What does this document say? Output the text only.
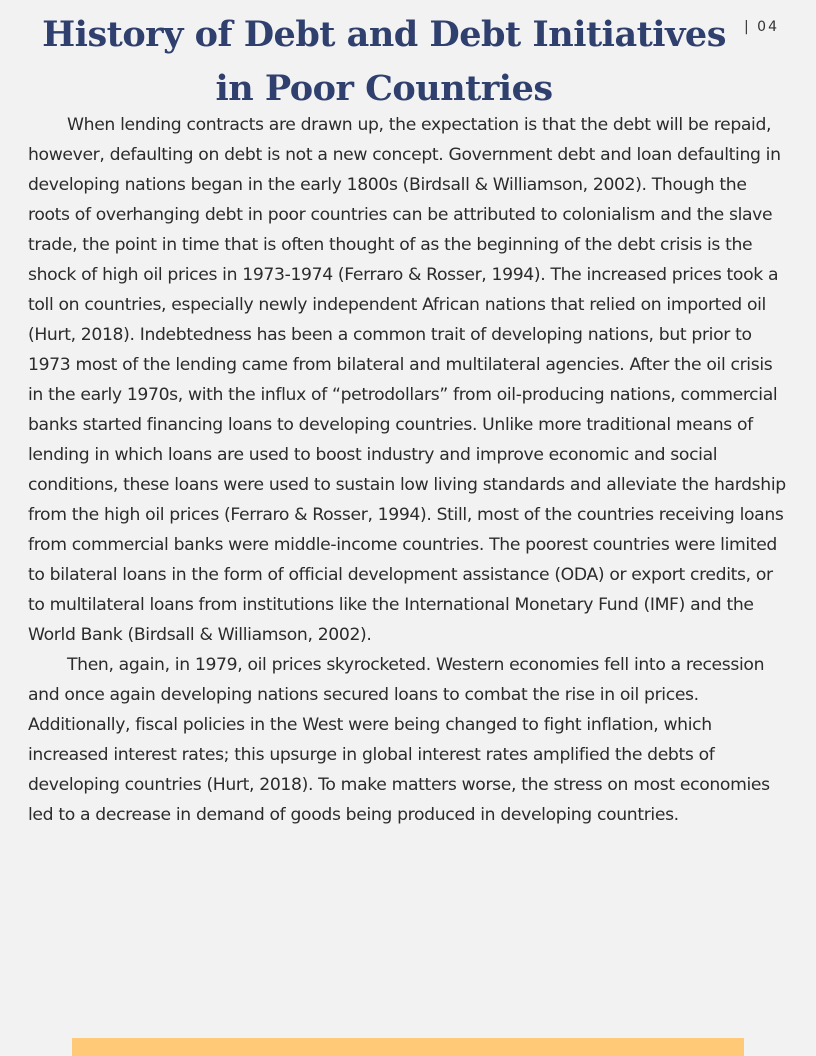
History of Debt and Debt Initiatives in Poor Countries
| 04

When lending contracts are drawn up, the expectation is that the debt will be repaid, however, defaulting on debt is not a new concept. Government debt and loan defaulting in developing nations began in the early 1800s (Birdsall & Williamson, 2002). Though the roots of overhanging debt in poor countries can be attributed to colonialism and the slave trade, the point in time that is often thought of as the beginning of the debt crisis is the shock of high oil prices in 1973-1974 (Ferraro & Rosser, 1994). The increased prices took a toll on countries, especially newly independent African nations that relied on imported oil (Hurt, 2018). Indebtedness has been a common trait of developing nations, but prior to 1973 most of the lending came from bilateral and multilateral agencies. After the oil crisis in the early 1970s, with the influx of “petrodollars” from oil-producing nations, commercial banks started financing loans to developing countries. Unlike more traditional means of lending in which loans are used to boost industry and improve economic and social conditions, these loans were used to sustain low living standards and alleviate the hardship from the high oil prices (Ferraro & Rosser, 1994). Still, most of the countries receiving loans from commercial banks were middle-income countries. The poorest countries were limited to bilateral loans in the form of official development assistance (ODA) or export credits, or to multilateral loans from institutions like the International Monetary Fund (IMF) and the World Bank (Birdsall & Williamson, 2002).

Then, again, in 1979, oil prices skyrocketed. Western economies fell into a recession and once again developing nations secured loans to combat the rise in oil prices. Additionally, fiscal policies in the West were being changed to fight inflation, which increased interest rates; this upsurge in global interest rates amplified the debts of developing countries (Hurt, 2018). To make matters worse, the stress on most economies led to a decrease in demand of goods being produced in developing countries.
